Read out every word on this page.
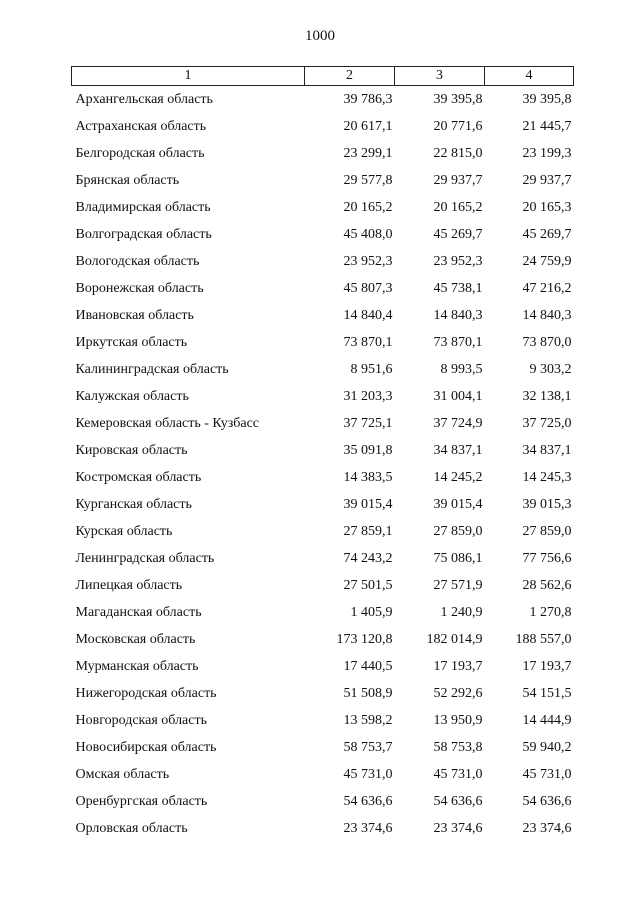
1000
1	2	3	4
Архангельская область	39 786,3	39 395,8	39 395,8
Астраханская область	20 617,1	20 771,6	21 445,7
Белгородская область	23 299,1	22 815,0	23 199,3
Брянская область	29 577,8	29 937,7	29 937,7
Владимирская область	20 165,2	20 165,2	20 165,3
Волгоградская область	45 408,0	45 269,7	45 269,7
Вологодская область	23 952,3	23 952,3	24 759,9
Воронежская область	45 807,3	45 738,1	47 216,2
Ивановская область	14 840,4	14 840,3	14 840,3
Иркутская область	73 870,1	73 870,1	73 870,0
Калининградская область	8 951,6	8 993,5	9 303,2
Калужская область	31 203,3	31 004,1	32 138,1
Кемеровская область - Кузбасс	37 725,1	37 724,9	37 725,0
Кировская область	35 091,8	34 837,1	34 837,1
Костромская область	14 383,5	14 245,2	14 245,3
Курганская область	39 015,4	39 015,4	39 015,3
Курская область	27 859,1	27 859,0	27 859,0
Ленинградская область	74 243,2	75 086,1	77 756,6
Липецкая область	27 501,5	27 571,9	28 562,6
Магаданская область	1 405,9	1 240,9	1 270,8
Московская область	173 120,8	182 014,9	188 557,0
Мурманская область	17 440,5	17 193,7	17 193,7
Нижегородская область	51 508,9	52 292,6	54 151,5
Новгородская область	13 598,2	13 950,9	14 444,9
Новосибирская область	58 753,7	58 753,8	59 940,2
Омская область	45 731,0	45 731,0	45 731,0
Оренбургская область	54 636,6	54 636,6	54 636,6
Орловская область	23 374,6	23 374,6	23 374,6
